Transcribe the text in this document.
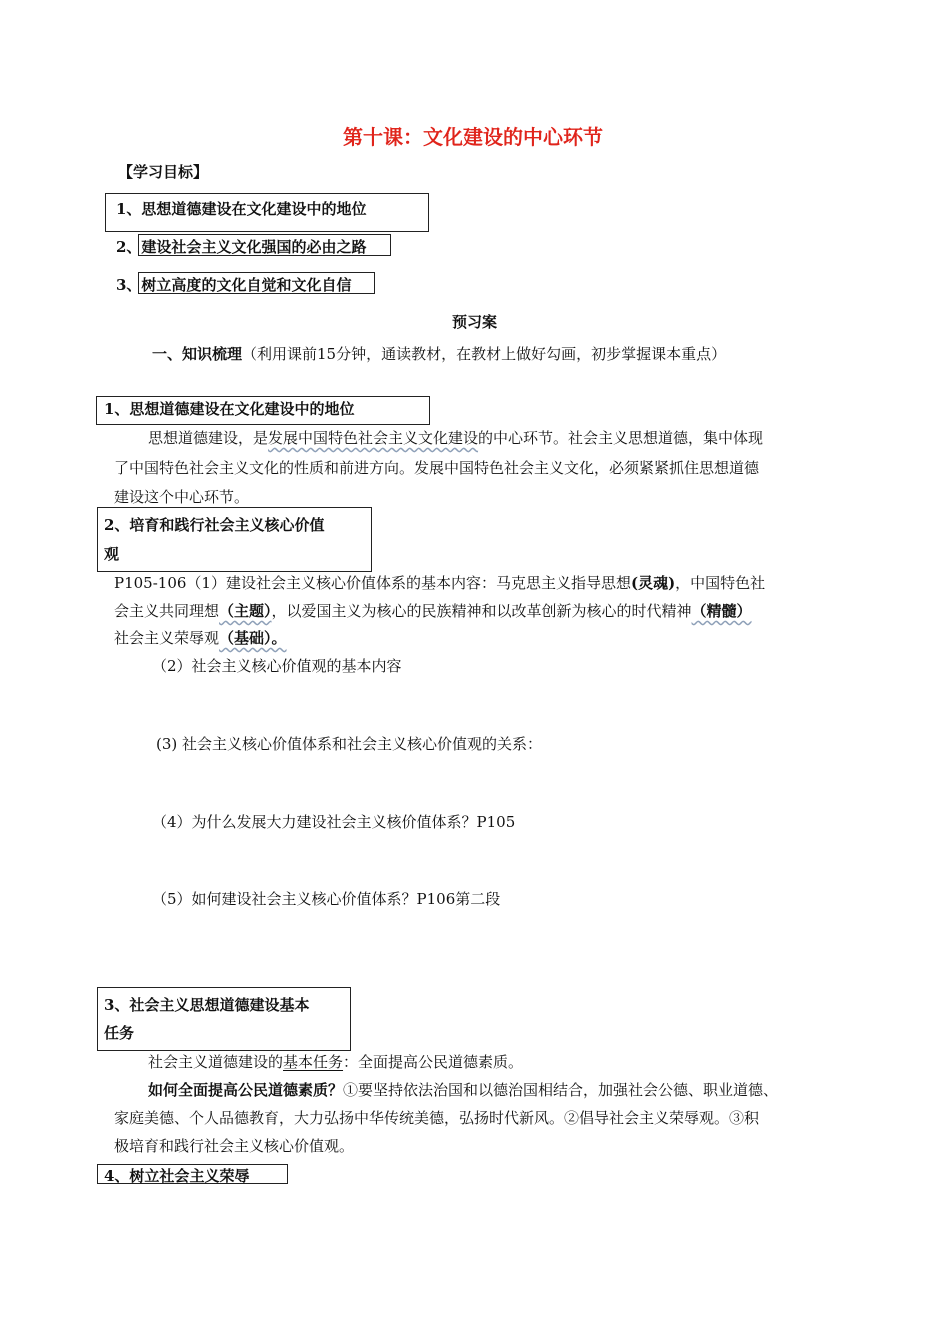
第十课：文化建设的中心环节
【学习目标】
1、思想道德建设在文化建设中的地位
2、建设社会主义文化强国的必由之路
3、树立高度的文化自觉和文化自信
预习案
一、知识梳理（利用课前15分钟，通读教材，在教材上做好勾画，初步掌握课本重点）
1、思想道德建设在文化建设中的地位
思想道德建设，是发展中国特色社会主义文化建设的中心环节。社会主义思想道德，集中体现
了中国特色社会主义文化的性质和前进方向。发展中国特色社会主义文化，必须紧紧抓住思想道德
建设这个中心环节。
2、培育和践行社会主义核心价值
观
P105-106（1）建设社会主义核心价值体系的基本内容：马克思主义指导思想(灵魂)，中国特色社
会主义共同理想（主题），以爱国主义为核心的民族精神和以改革创新为核心的时代精神（精髓）
社会主义荣辱观（基础）。
（2）社会主义核心价值观的基本内容
(3) 社会主义核心价值体系和社会主义核心价值观的关系：
（4）为什么发展大力建设社会主义核价值体系？P105
（5）如何建设社会主义核心价值体系？P106第二段
3、社会主义思想道德建设基本
任务
社会主义道德建设的基本任务：全面提高公民道德素质。
如何全面提高公民道德素质？①要坚持依法治国和以德治国相结合，加强社会公德、职业道德、
家庭美德、个人品德教育，大力弘扬中华传统美德，弘扬时代新风。②倡导社会主义荣辱观。③积
极培育和践行社会主义核心价值观。
4、树立社会主义荣辱
